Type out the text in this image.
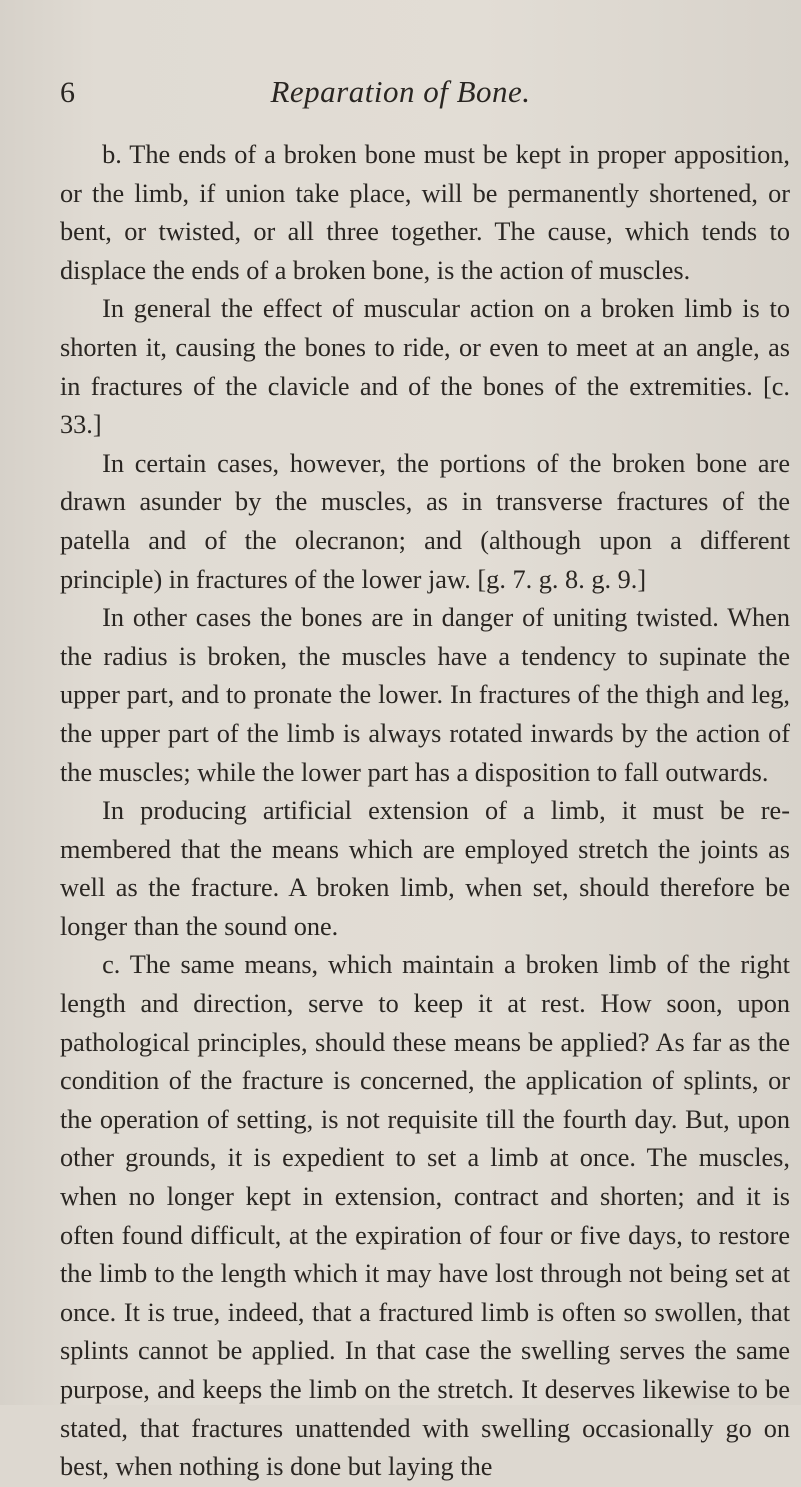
6	Reparation of Bone.

b. The ends of a broken bone must be kept in proper apposition, or the limb, if union take place, will be permanently shortened, or bent, or twisted, or all three together. The cause, which tends to displace the ends of a broken bone, is the action of muscles.

In general the effect of muscular action on a broken limb is to shorten it, causing the bones to ride, or even to meet at an angle, as in fractures of the clavicle and of the bones of the extremities. [c. 33.]

In certain cases, however, the portions of the broken bone are drawn asunder by the muscles, as in transverse fractures of the patella and of the olecranon; and (although upon a different principle) in fractures of the lower jaw. [g. 7. g. 8. g. 9.]

In other cases the bones are in danger of uniting twisted. When the radius is broken, the muscles have a tendency to supinate the upper part, and to pronate the lower. In fractures of the thigh and leg, the upper part of the limb is always rotated inwards by the action of the muscles; while the lower part has a disposition to fall outwards.

In producing artificial extension of a limb, it must be remembered that the means which are employed stretch the joints as well as the fracture. A broken limb, when set, should therefore be longer than the sound one.

c. The same means, which maintain a broken limb of the right length and direction, serve to keep it at rest. How soon, upon pathological principles, should these means be applied? As far as the condition of the fracture is concerned, the application of splints, or the operation of setting, is not requisite till the fourth day. But, upon other grounds, it is expedient to set a limb at once. The muscles, when no longer kept in extension, contract and shorten; and it is often found difficult, at the expiration of four or five days, to restore the limb to the length which it may have lost through not being set at once. It is true, indeed, that a fractured limb is often so swollen, that splints cannot be applied. In that case the swelling serves the same purpose, and keeps the limb on the stretch. It deserves likewise to be stated, that fractures unattended with swelling occasionally go on best, when nothing is done but laying the
